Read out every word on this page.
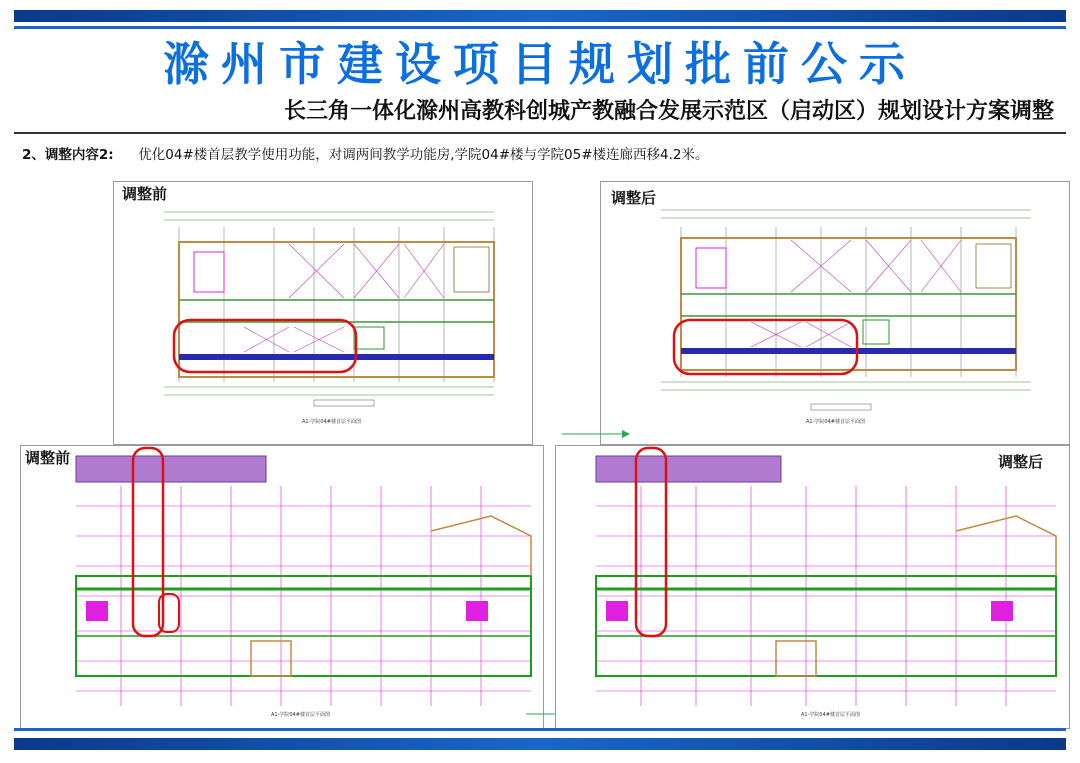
滁州市建设项目规划批前公示
长三角一体化滁州高教科创城产教融合发展示范区（启动区）规划设计方案调整
2、调整内容2: 优化04#楼首层教学使用功能，对调两间教学功能房,学院04#楼与学院05#楼连廊西移4.2米。
调整前
A1-学院04#楼首层平面图
调整后
A1-学院04#楼首层平面图
调整前
A1-学院04#楼首层平面图
调整后
A1-学院04#楼首层平面图
